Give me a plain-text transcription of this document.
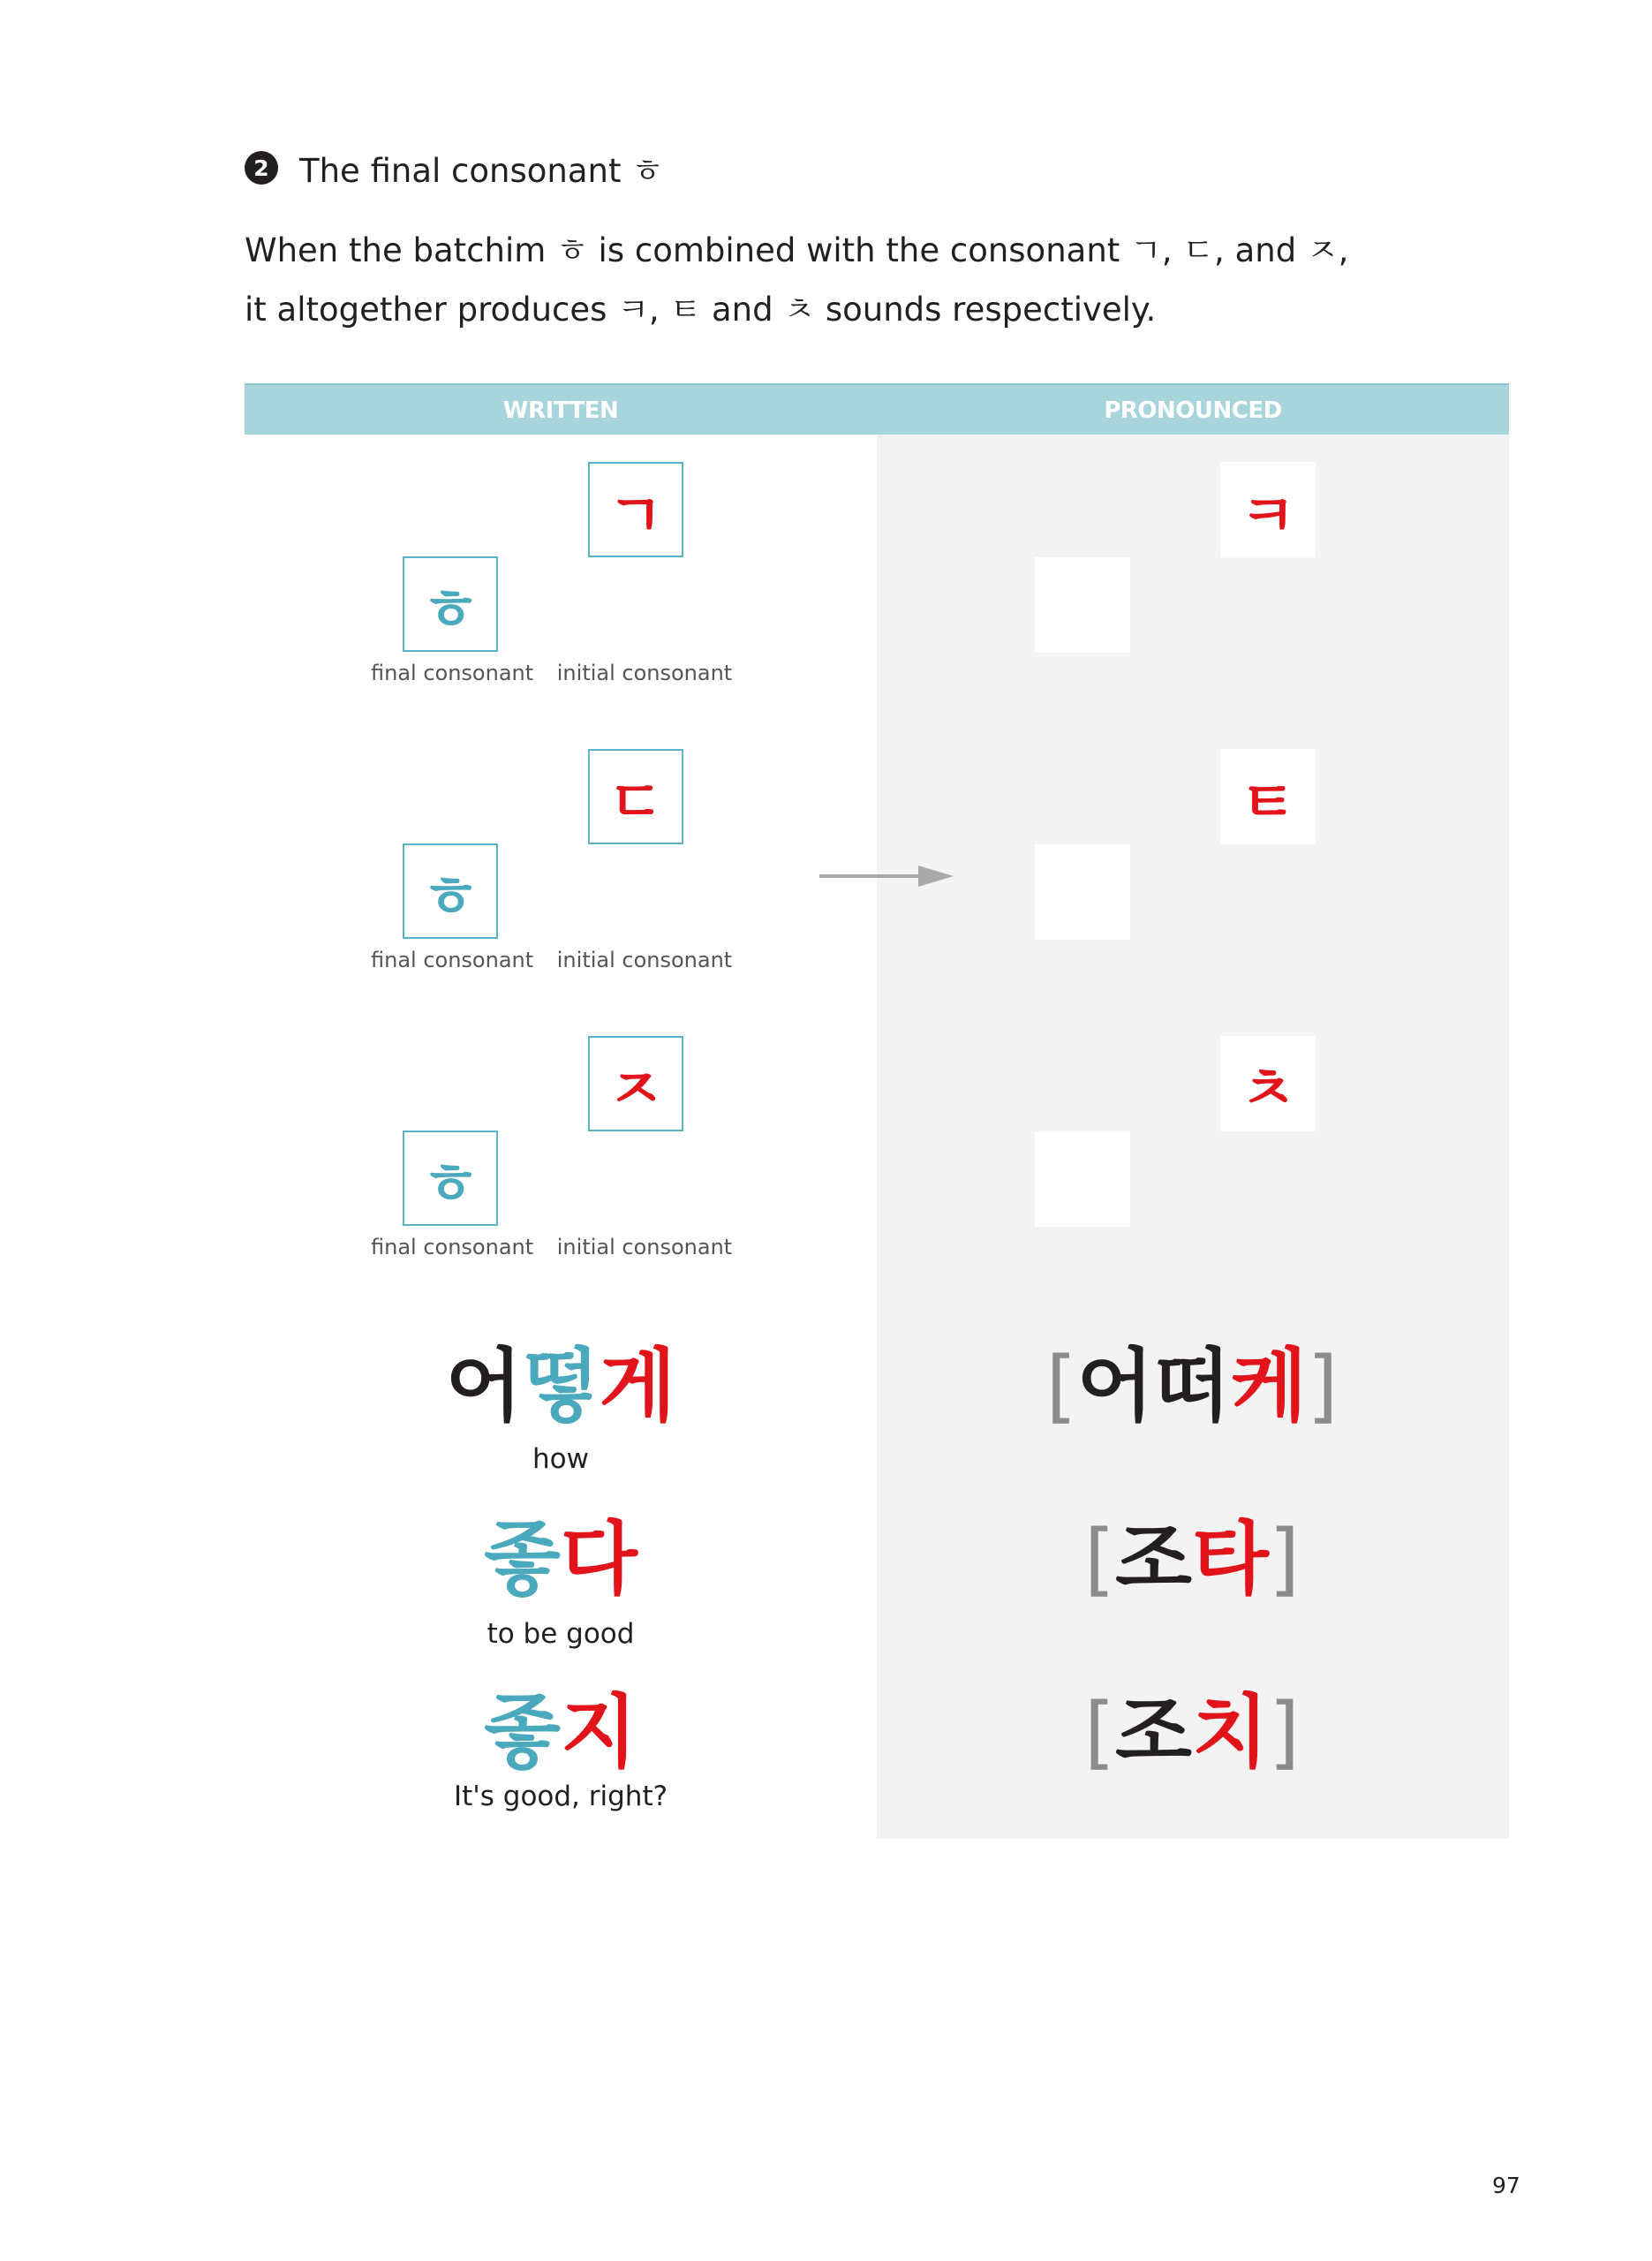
2 The final consonant ㅎ
When the batchim ㅎ is combined with the consonant ㄱ, ㄷ, and ㅈ,
it altogether produces ㅋ, ㅌ and ㅊ sounds respectively.
WRITTEN	PRONOUNCED
ㄱ
ㅎ
final consonant initial consonant
ㅋ
ㄷ
ㅎ
final consonant initial consonant
ㅌ
ㅈ
ㅎ
final consonant initial consonant
ㅊ
어떻게
how
[어떠케]
좋다
to be good
[조타]
좋지
It's good, right?
[조치]
97
